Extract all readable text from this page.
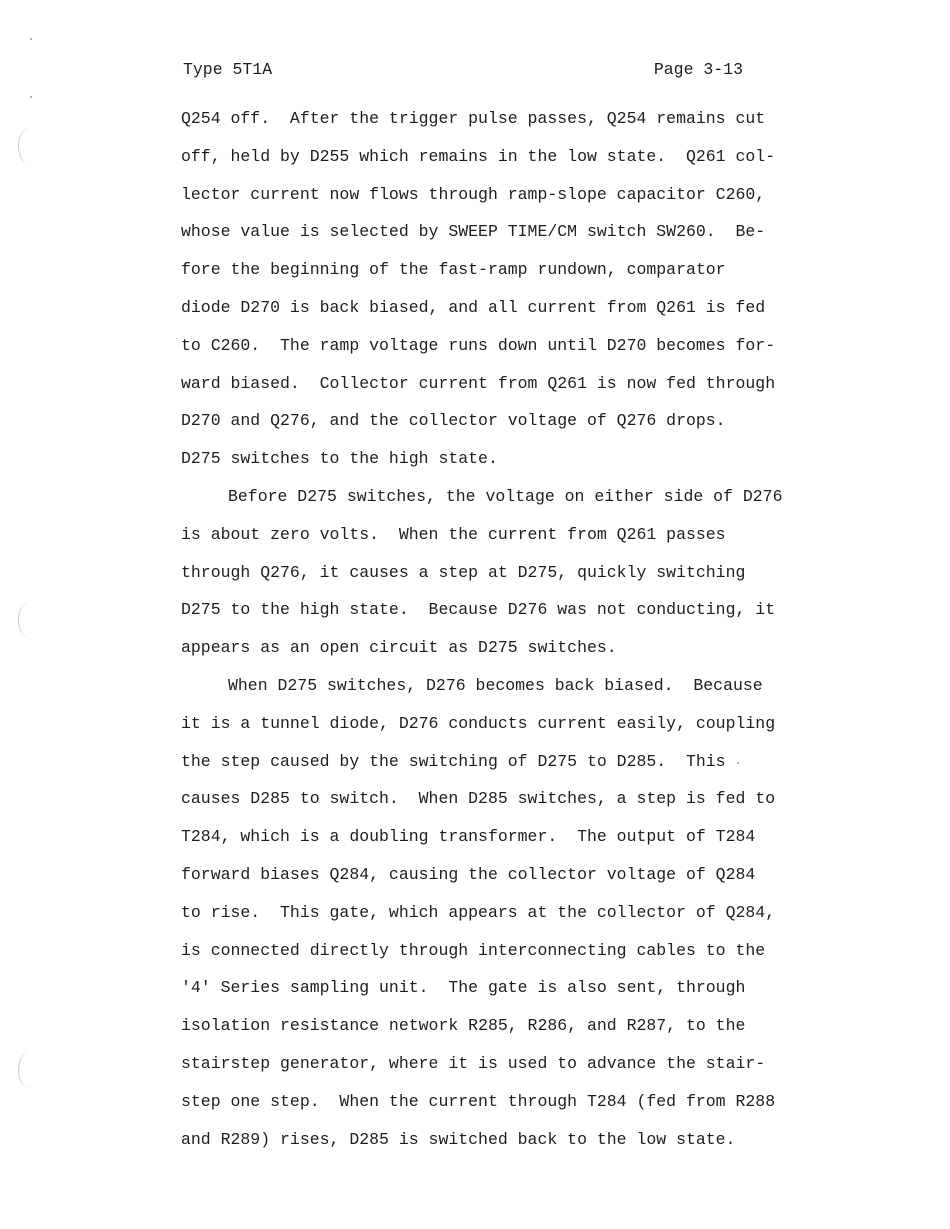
Type 5T1A	Page 3-13
Q254 off.  After the trigger pulse passes, Q254 remains cut
off, held by D255 which remains in the low state.  Q261 col-
lector current now flows through ramp-slope capacitor C260,
whose value is selected by SWEEP TIME/CM switch SW260.  Be-
fore the beginning of the fast-ramp rundown, comparator
diode D270 is back biased, and all current from Q261 is fed
to C260.  The ramp voltage runs down until D270 becomes for-
ward biased.  Collector current from Q261 is now fed through
D270 and Q276, and the collector voltage of Q276 drops.
D275 switches to the high state.
Before D275 switches, the voltage on either side of D276
is about zero volts.  When the current from Q261 passes
through Q276, it causes a step at D275, quickly switching
D275 to the high state.  Because D276 was not conducting, it
appears as an open circuit as D275 switches.
When D275 switches, D276 becomes back biased.  Because
it is a tunnel diode, D276 conducts current easily, coupling
the step caused by the switching of D275 to D285.  This
causes D285 to switch.  When D285 switches, a step is fed to
T284, which is a doubling transformer.  The output of T284
forward biases Q284, causing the collector voltage of Q284
to rise.  This gate, which appears at the collector of Q284,
is connected directly through interconnecting cables to the
'4' Series sampling unit.  The gate is also sent, through
isolation resistance network R285, R286, and R287, to the
stairstep generator, where it is used to advance the stair-
step one step.  When the current through T284 (fed from R288
and R289) rises, D285 is switched back to the low state.
